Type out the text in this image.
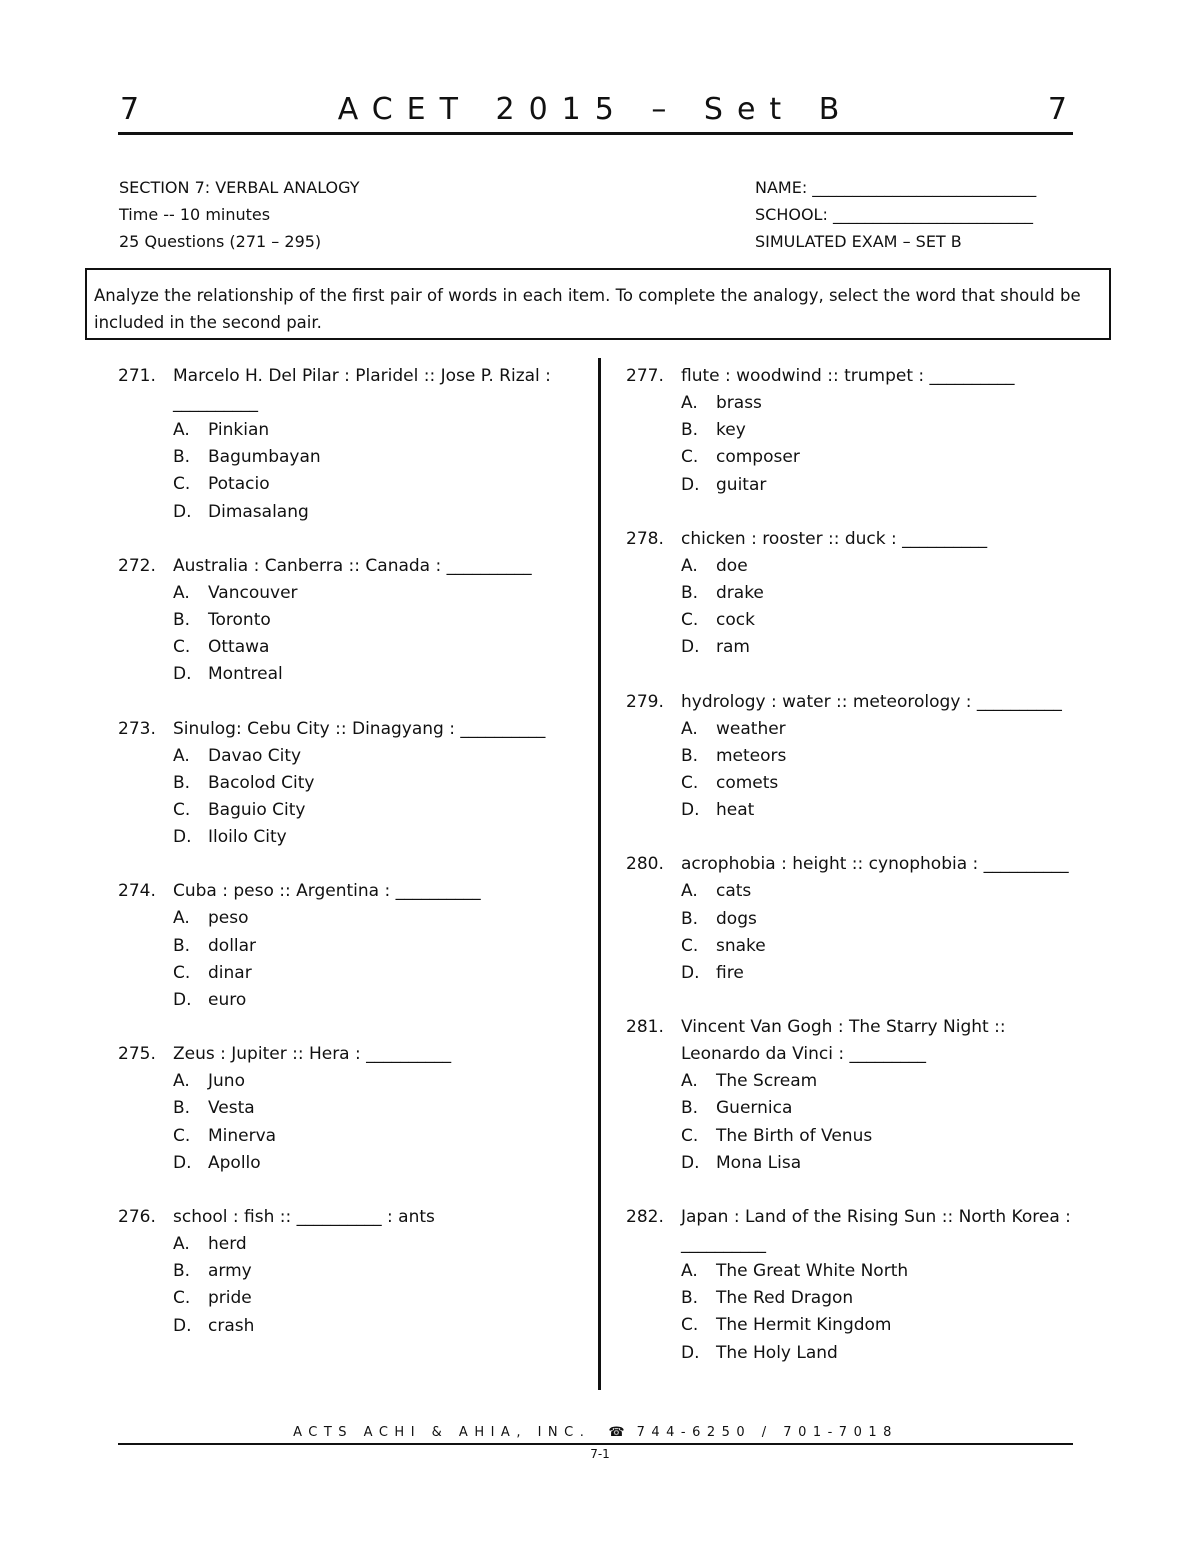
7	ACET 2015 – Set B	7
SECTION 7: VERBAL ANALOGY
Time -- 10 minutes
25 Questions (271 – 295)
NAME: ____________________________
SCHOOL: _________________________
SIMULATED EXAM – SET B
Analyze the relationship of the first pair of words in each item. To complete the analogy, select the word that should be included in the second pair.
271.	Marcelo H. Del Pilar : Plaridel :: Jose P. Rizal :
__________
A.	Pinkian
B.	Bagumbayan
C.	Potacio
D. Dimasalang
272.	Australia : Canberra :: Canada : __________
A.	Vancouver
B.	Toronto
C.	Ottawa
D. Montreal
273.	Sinulog: Cebu City :: Dinagyang : __________
A.	Davao City
B.	Bacolod City
C.	Baguio City
D. Iloilo City
274.	Cuba : peso :: Argentina : __________
A.	peso
B.	dollar
C.	dinar
D. euro
275.	Zeus : Jupiter :: Hera : __________
A.	Juno
B.	Vesta
C.	Minerva
D. Apollo
276.	school : fish :: __________ : ants
A.	herd
B.	army
C.	pride
D. crash
277.	flute : woodwind :: trumpet : __________
A.	brass
B.	key
C.	composer
D. guitar
278.	chicken : rooster :: duck : __________
A.	doe
B.	drake
C.	cock
D. ram
279.	hydrology : water :: meteorology : __________
A.	weather
B.	meteors
C.	comets
D. heat
280.	acrophobia : height :: cynophobia : __________
A.	cats
B.	dogs
C.	snake
D. fire
281.	Vincent Van Gogh : The Starry Night ::
Leonardo da Vinci : _________
A.	The Scream
B.	Guernica
C.	The Birth of Venus
D. Mona Lisa
282.	Japan : Land of the Rising Sun :: North Korea :
__________
A.	The Great White North
B.	The Red Dragon
C.	The Hermit Kingdom
D. The Holy Land
ACTS ACHI & AHIA, INC. ☎ 744-6250 / 701-7018
7-1
